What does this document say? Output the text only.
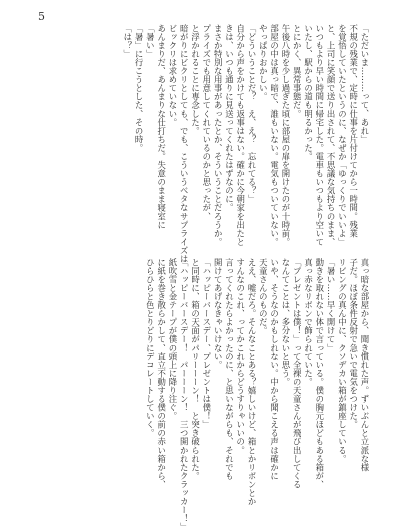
5
「ただいま………って、あれ」
不規の残業で、定時に仕事を片付けてから一時間。残業
を覚悟していたというのに、なぜか「ゆっくりでいいよ」
と、上司に笑顔で送り出されて、不思議な気持ちのまま、
いつもより早い時間に帰宅した。電車もいつもより空いて
いたし、駅からの道も明るかった。
とにかく、異常事態だ。
午後八時を少し過ぎた頃に部屋の扉を開けたのが十時前。
部屋の中は真っ暗で、誰もいない。電気もついていない。
やっぱりおかしい。
「どういうことだ？　え、え？　忘れてる？」
自分から声をかけても返事はない。確かに今朝家を出たと
きは、いつも通りに見送ってくれたはずなのに。
まさか特別な用事があったとか、そういうことだろうか。
プライズでも用意してくれているのかと思ったが、
と浮かれることに専念した。
暗がりにビクリとしても、でも、こういうベタなサプライズは
ビックリは求めていない。
あんまりだ、あんまりな仕打ちだ。失意のまま寝室に
「暑い」
「暑」に行こうとした、その時。
「は？」
真っ暗な部屋から、聞き慣れた声。ずいぶんと立派な様
子だ。ほぼ条件反射で急いで電気をつけた。
リビングの真ん中に、クソデカい箱が鎮座している。
「暑い……早く開けて」
動きを取れない体で言っている。僕の胸元ほどもある箱が、
真っ赤なリボンで飾られていた。
「プレゼントは僕！」って全裸の天童さんが飛び出してくる
なんてことは、多分ないと思う。
いや、そうなのかもしれない。中から聞こえる声は確かに
天童さんのものだ。
ええ、嘘だろ。そんなことある？嬉しいけど、箱とかリボンとか
すんなのこれ、ってかこれからどうすりゃいいの。
言ってくれたらよかったのに、と思いながらも、それでも
開けてあげなきゃいけない。
「ハッピーバースデー、プレゼントは僕！」
と同時に、箱の天面がパリーーーン！　と突き破られた。
「ハッピーバースデー！　パーーーン！　三つ開かれたクラッカー！」
紙吹雪と金テープが僕の頭上に降り注ぐ。
に紙を巻き散らかして、直立不動する僕の前の赤い箱から、
ひらひらと色とりどりにデコレートしていく。
